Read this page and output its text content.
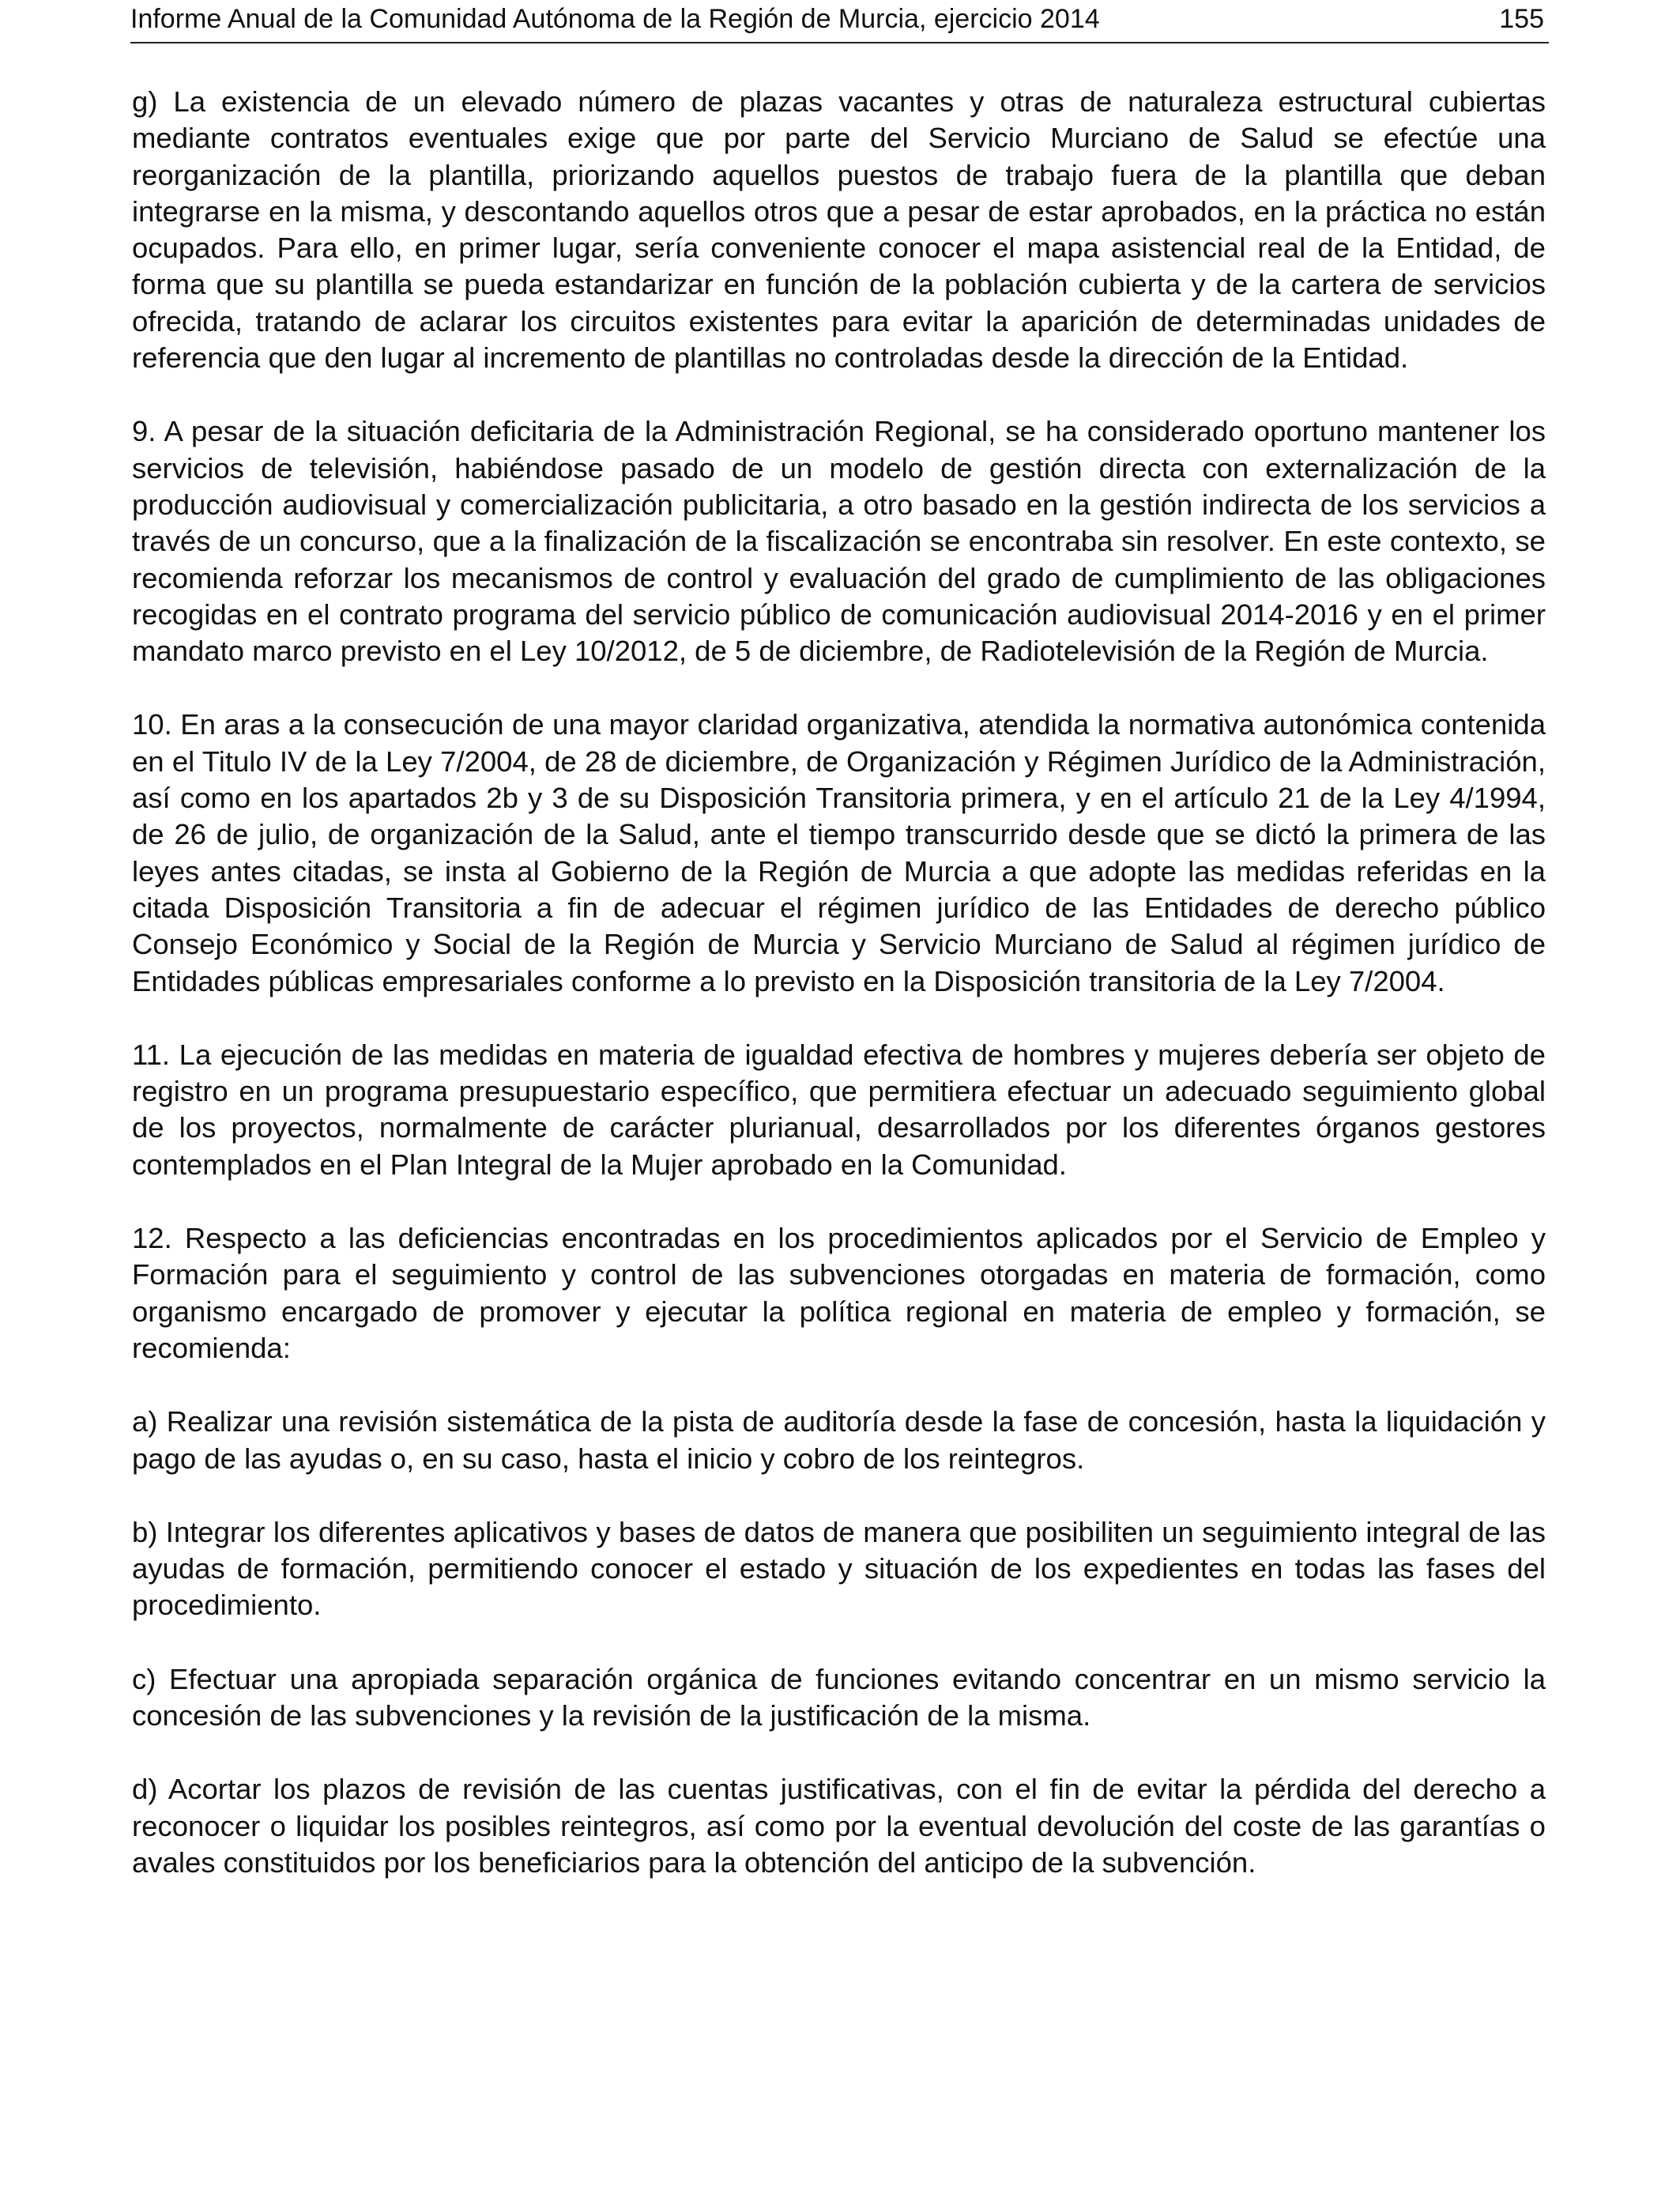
Informe Anual de la Comunidad Autónoma de la Región de Murcia, ejercicio 2014	155

g) La existencia de un elevado número de plazas vacantes y otras de naturaleza estructural cubiertas mediante contratos eventuales exige que por parte del Servicio Murciano de Salud se efectúe una reorganización de la plantilla, priorizando aquellos puestos de trabajo fuera de la plantilla que deban integrarse en la misma, y descontando aquellos otros que a pesar de estar aprobados, en la práctica no están ocupados. Para ello, en primer lugar, sería conveniente conocer el mapa asistencial real de la Entidad, de forma que su plantilla se pueda estandarizar en función de la población cubierta y de la cartera de servicios ofrecida, tratando de aclarar los circuitos existentes para evitar la aparición de determinadas unidades de referencia que den lugar al incremento de plantillas no controladas desde la dirección de la Entidad.

9. A pesar de la situación deficitaria de la Administración Regional, se ha considerado oportuno mantener los servicios de televisión, habiéndose pasado de un modelo de gestión directa con externalización de la producción audiovisual y comercialización publicitaria, a otro basado en la gestión indirecta de los servicios a través de un concurso, que a la finalización de la fiscalización se encontraba sin resolver. En este contexto, se recomienda reforzar los mecanismos de control y evaluación del grado de cumplimiento de las obligaciones recogidas en el contrato programa del servicio público de comunicación audiovisual 2014-2016 y en el primer mandato marco previsto en el Ley 10/2012, de 5 de diciembre, de Radiotelevisión de la Región de Murcia.

10. En aras a la consecución de una mayor claridad organizativa, atendida la normativa autonómica contenida en el Titulo IV de la Ley 7/2004, de 28 de diciembre, de Organización y Régimen Jurídico de la Administración, así como en los apartados 2b y 3 de su Disposición Transitoria primera, y en el artículo 21 de la Ley 4/1994, de 26 de julio, de organización de la Salud, ante el tiempo transcurrido desde que se dictó la primera de las leyes antes citadas, se insta al Gobierno de la Región de Murcia a que adopte las medidas referidas en la citada Disposición Transitoria a fin de adecuar el régimen jurídico de las Entidades de derecho público Consejo Económico y Social de la Región de Murcia y Servicio Murciano de Salud al régimen jurídico de Entidades públicas empresariales conforme a lo previsto en la Disposición transitoria de la Ley 7/2004.

11. La ejecución de las medidas en materia de igualdad efectiva de hombres y mujeres debería ser objeto de registro en un programa presupuestario específico, que permitiera efectuar un adecuado seguimiento global de los proyectos, normalmente de carácter plurianual, desarrollados por los diferentes órganos gestores contemplados en el Plan Integral de la Mujer aprobado en la Comunidad.

12. Respecto a las deficiencias encontradas en los procedimientos aplicados por el Servicio de Empleo y Formación para el seguimiento y control de las subvenciones otorgadas en materia de formación, como organismo encargado de promover y ejecutar la política regional en materia de empleo y formación, se recomienda:

a) Realizar una revisión sistemática de la pista de auditoría desde la fase de concesión, hasta la liquidación y pago de las ayudas o, en su caso, hasta el inicio y cobro de los reintegros.

b) Integrar los diferentes aplicativos y bases de datos de manera que posibiliten un seguimiento integral de las ayudas de formación, permitiendo conocer el estado y situación de los expedientes en todas las fases del procedimiento.

c) Efectuar una apropiada separación orgánica de funciones evitando concentrar en un mismo servicio la concesión de las subvenciones y la revisión de la justificación de la misma.

d) Acortar los plazos de revisión de las cuentas justificativas, con el fin de evitar la pérdida del derecho a reconocer o liquidar los posibles reintegros, así como por la eventual devolución del coste de las garantías o avales constituidos por los beneficiarios para la obtención del anticipo de la subvención.
